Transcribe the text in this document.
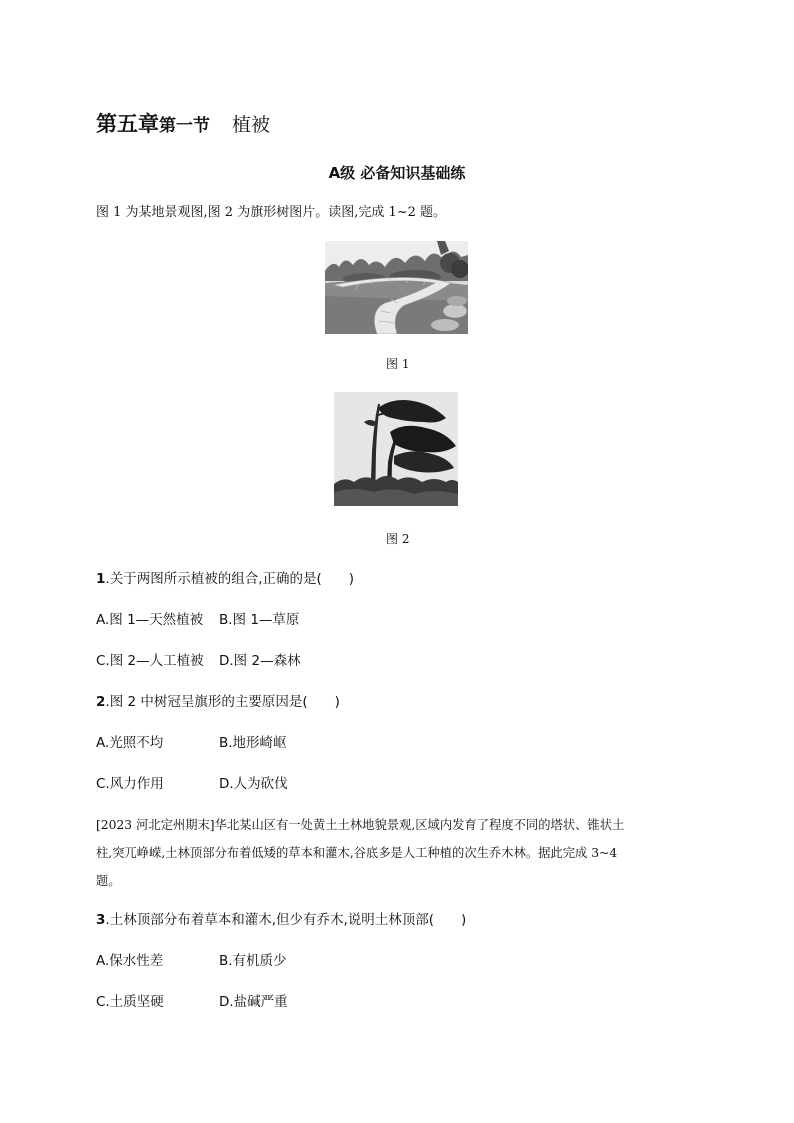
第五章第一节 植被
A级 必备知识基础练
图 1 为某地景观图,图 2 为旗形树图片。读图,完成 1~2 题。
图 1
图 2
1.关于两图所示植被的组合,正确的是(　　)
A.图 1—天然植被 B.图 1—草原
C.图 2—人工植被 D.图 2—森林
2.图 2 中树冠呈旗形的主要原因是(　　)
A.光照不均	B.地形崎岖
C.风力作用	D.人为砍伐
[2023 河北定州期末]华北某山区有一处黄土土林地貌景观,区域内发育了程度不同的塔状、锥状土
柱,突兀峥嵘,土林顶部分布着低矮的草本和灌木,谷底多是人工种植的次生乔木林。据此完成 3~4
题。
3.土林顶部分布着草本和灌木,但少有乔木,说明土林顶部(　　)
A.保水性差	B.有机质少
C.土质坚硬	D.盐碱严重
